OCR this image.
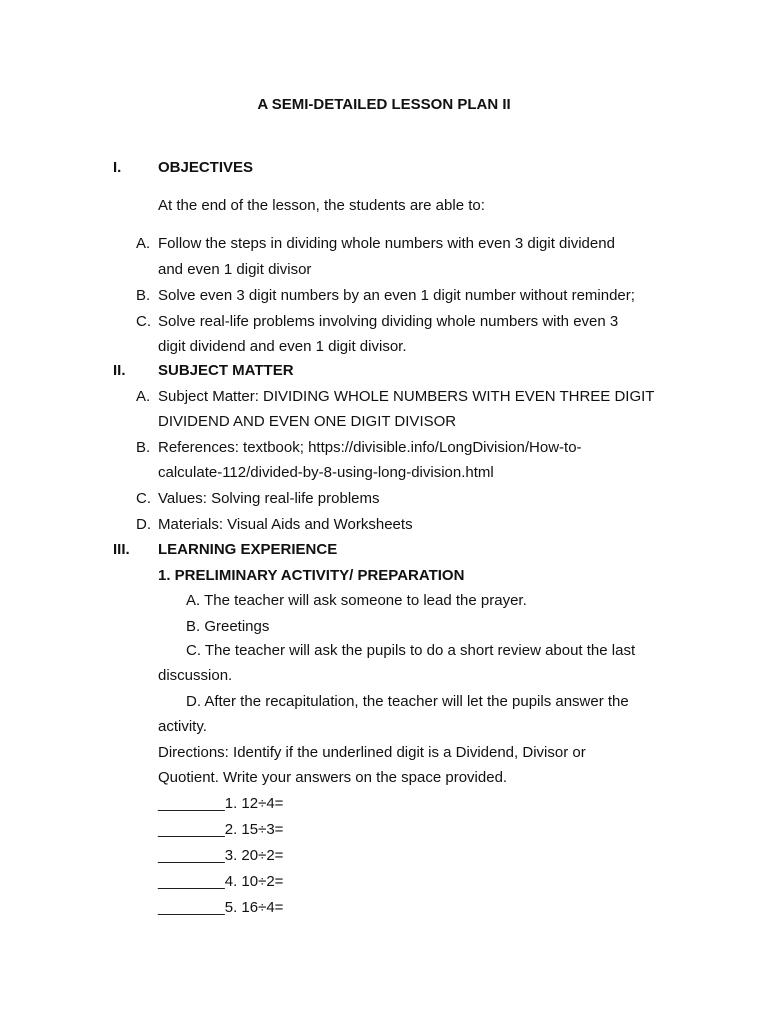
A SEMI-DETAILED LESSON PLAN II
I. OBJECTIVES
At the end of the lesson, the students are able to:
A. Follow the steps in dividing whole numbers with even 3 digit dividend
and even 1 digit divisor
B. Solve even 3 digit numbers by an even 1 digit number without reminder;
C. Solve real-life problems involving dividing whole numbers with even 3
digit dividend and even 1 digit divisor.
II. SUBJECT MATTER
A. Subject Matter: DIVIDING WHOLE NUMBERS WITH EVEN THREE DIGIT
DIVIDEND AND EVEN ONE DIGIT DIVISOR
B. References: textbook; https://divisible.info/LongDivision/How-to-
calculate-112/divided-by-8-using-long-division.html
C. Values: Solving real-life problems
D. Materials: Visual Aids and Worksheets
III. LEARNING EXPERIENCE
1. PRELIMINARY ACTIVITY/ PREPARATION
A. The teacher will ask someone to lead the prayer.
B. Greetings
C. The teacher will ask the pupils to do a short review about the last
discussion.
D. After the recapitulation, the teacher will let the pupils answer the
activity.
Directions: Identify if the underlined digit is a Dividend, Divisor or
Quotient. Write your answers on the space provided.
________1. 12÷4=
________2. 15÷3=
________3. 20÷2=
________4. 10÷2=
________5. 16÷4=
